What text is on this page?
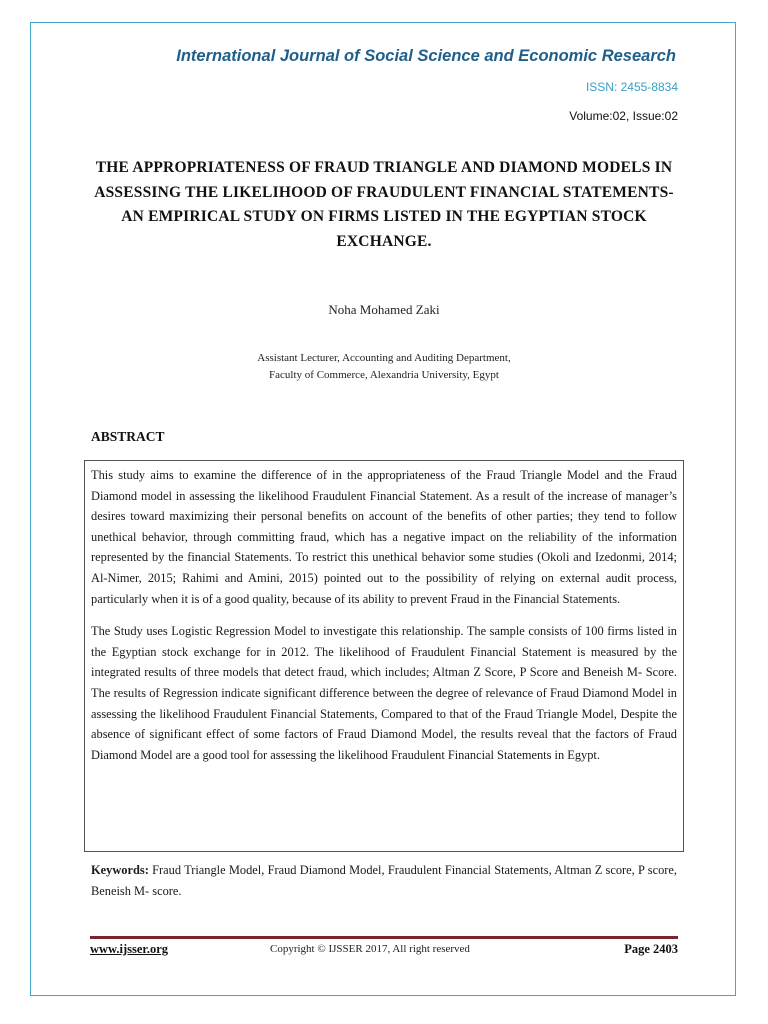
International Journal of Social Science and Economic Research
ISSN: 2455-8834
Volume:02, Issue:02
THE APPROPRIATENESS OF FRAUD TRIANGLE AND DIAMOND MODELS IN ASSESSING THE LIKELIHOOD OF FRAUDULENT FINANCIAL STATEMENTS- AN EMPIRICAL STUDY ON FIRMS LISTED IN THE EGYPTIAN STOCK EXCHANGE.
Noha Mohamed Zaki
Assistant Lecturer, Accounting and Auditing Department,
Faculty of Commerce, Alexandria University, Egypt
ABSTRACT

This study aims to examine the difference of in the appropriateness of the Fraud Triangle Model and the Fraud Diamond model in assessing the likelihood Fraudulent Financial Statement. As a result of the increase of manager’s desires toward maximizing their personal benefits on account of the benefits of other parties; they tend to follow unethical behavior, through committing fraud, which has a negative impact on the reliability of the information represented by the financial Statements. To restrict this unethical behavior some studies (Okoli and Izedonmi, 2014; Al-Nimer, 2015; Rahimi and Amini, 2015) pointed out to the possibility of relying on external audit process, particularly when it is of a good quality, because of its ability to prevent Fraud in the Financial Statements.

The Study uses Logistic Regression Model to investigate this relationship. The sample consists of 100 firms listed in the Egyptian stock exchange for in 2012. The likelihood of Fraudulent Financial Statement is measured by the integrated results of three models that detect fraud, which includes; Altman Z Score, P Score and Beneish M- Score. The results of Regression indicate significant difference between the degree of relevance of Fraud Diamond Model in assessing the likelihood Fraudulent Financial Statements, Compared to that of the Fraud Triangle Model, Despite the absence of significant effect of some factors of Fraud Diamond Model, the results reveal that the factors of Fraud Diamond Model are a good tool for assessing the likelihood Fraudulent Financial Statements in Egypt.

Keywords: Fraud Triangle Model, Fraud Diamond Model, Fraudulent Financial Statements, Altman Z score, P score, Beneish M- score.
www.ijsser.org	Copyright © IJSSER 2017, All right reserved	Page 2403
